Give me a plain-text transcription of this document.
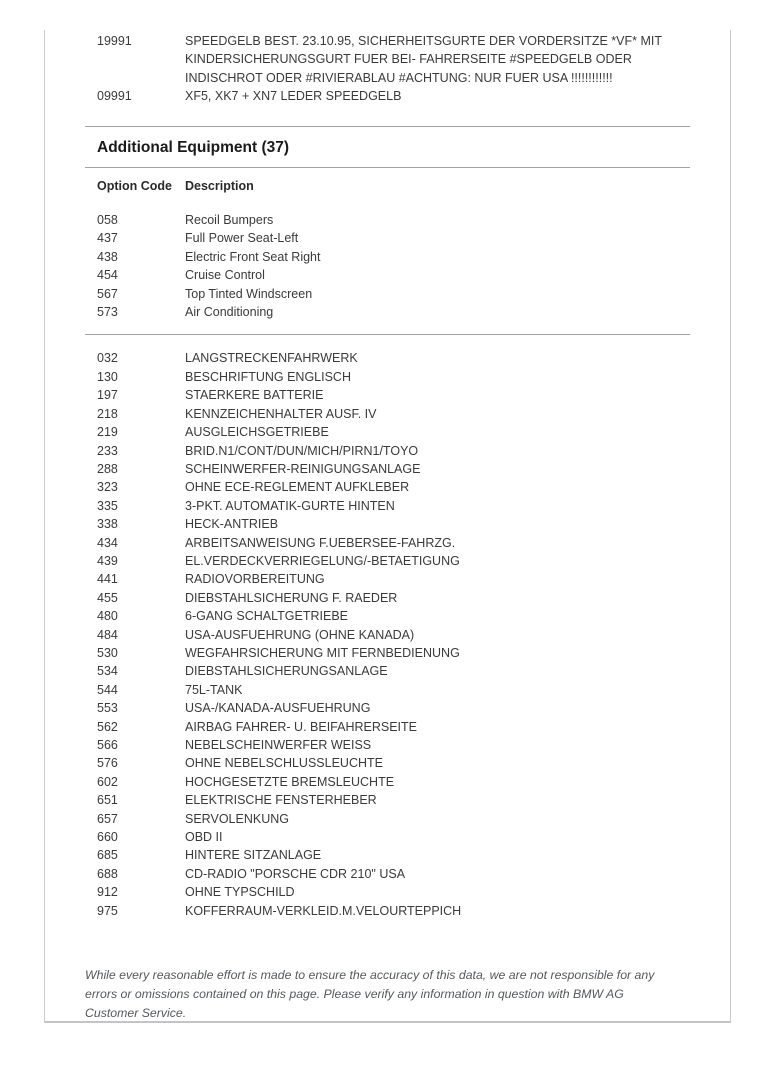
19991	SPEEDGELB BEST. 23.10.95, SICHERHEITSGURTE DER VORDERSITZE *VF* MIT KINDERSICHERUNGSGURT FUER BEI- FAHRERSEITE #SPEEDGELB ODER INDISCHROT ODER #RIVIERABLAU #ACHTUNG: NUR FUER USA !!!!!!!!!!!!
09991	XF5, XK7 + XN7 LEDER SPEEDGELB
Additional Equipment (37)
Option Code	Description
058	Recoil Bumpers
437	Full Power Seat-Left
438	Electric Front Seat Right
454	Cruise Control
567	Top Tinted Windscreen
573	Air Conditioning
032	LANGSTRECKENFAHRWERK
130	BESCHRIFTUNG ENGLISCH
197	STAERKERE BATTERIE
218	KENNZEICHENHALTER AUSF. IV
219	AUSGLEICHSGETRIEBE
233	BRID.N1/CONT/DUN/MICH/PIRN1/TOYO
288	SCHEINWERFER-REINIGUNGSANLAGE
323	OHNE ECE-REGLEMENT AUFKLEBER
335	3-PKT. AUTOMATIK-GURTE HINTEN
338	HECK-ANTRIEB
434	ARBEITSANWEISUNG F.UEBERSEE-FAHRZG.
439	EL.VERDECKVERRIEGELUNG/-BETAETIGUNG
441	RADIOVORBEREITUNG
455	DIEBSTAHLSICHERUNG F. RAEDER
480	6-GANG SCHALTGETRIEBE
484	USA-AUSFUEHRUNG (OHNE KANADA)
530	WEGFAHRSICHERUNG MIT FERNBEDIENUNG
534	DIEBSTAHLSICHERUNGSANLAGE
544	75L-TANK
553	USA-/KANADA-AUSFUEHRUNG
562	AIRBAG FAHRER- U. BEIFAHRERSEITE
566	NEBELSCHEINWERFER WEISS
576	OHNE NEBELSCHLUSSLEUCHTE
602	HOCHGESETZTE BREMSLEUCHTE
651	ELEKTRISCHE FENSTERHEBER
657	SERVOLENKUNG
660	OBD II
685	HINTERE SITZANLAGE
688	CD-RADIO "PORSCHE CDR 210" USA
912	OHNE TYPSCHILD
975	KOFFERRAUM-VERKLEID.M.VELOURTEPPICH

While every reasonable effort is made to ensure the accuracy of this data, we are not responsible for any errors or omissions contained on this page. Please verify any information in question with BMW AG Customer Service.
